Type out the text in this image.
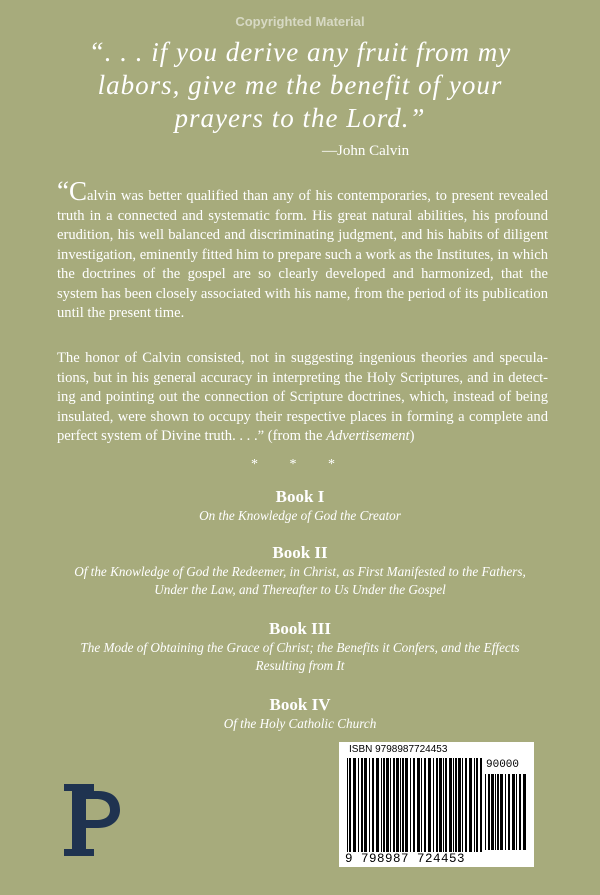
Copyrighted Material
“. . . if you derive any fruit from my
labors, give me the benefit of your
prayers to the Lord.”
—John Calvin
“Calvin was better qualified than any of his contemporaries, to present revealed truth in a connected and systematic form. His great natural abilities, his profound erudition, his well balanced and discriminating judgment, and his habits of diligent investigation, eminently fitted him to prepare such a work as the Institutes, in which the doctrines of the gospel are so clearly developed and harmonized, that the system has been closely associated with his name, from the period of its publication until the present time.
The honor of Calvin consisted, not in suggesting ingenious theories and specula-tions, but in his general accuracy in interpreting the Holy Scriptures, and in detect-ing and pointing out the connection of Scripture doctrines, which, instead of being insulated, were shown to occupy their respective places in forming a complete and perfect system of Divine truth. . . .” (from the Advertisement)
* * *
Book I
On the Knowledge of God the Creator
Book II
Of the Knowledge of God the Redeemer, in Christ, as First Manifested to the Fathers,
Under the Law, and Thereafter to Us Under the Gospel
Book III
The Mode of Obtaining the Grace of Christ; the Benefits it Confers, and the Effects
Resulting from It
Book IV
Of the Holy Catholic Church
ISBN 9798987724453
90000
9 798987 724453
